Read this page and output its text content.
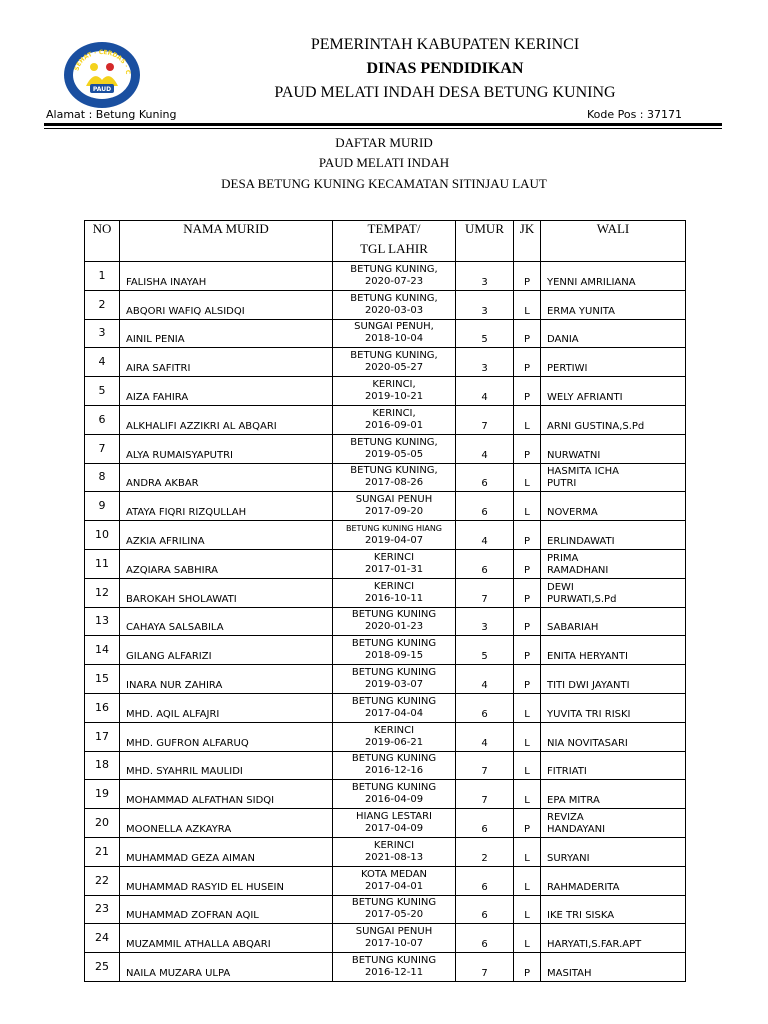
SEHAT · CERDAS · C
PAUD
PEMERINTAH KABUPATEN KERINCI
DINAS PENDIDIKAN
PAUD MELATI INDAH DESA BETUNG KUNING
Alamat : Betung Kuning	Kode Pos : 37171
DAFTAR MURID
PAUD MELATI INDAH
DESA BETUNG KUNING KECAMATAN SITINJAU LAUT
NO	NAMA MURID	TEMPAT/
TGL LAHIR	UMUR	JK	WALI
1	FALISHA INAYAH	BETUNG KUNING,
2020-07-23	3	P	YENNI AMRILIANA

2	ABQORI WAFIQ ALSIDQI	BETUNG KUNING,
2020-03-03	3	L	ERMA YUNITA

3	AINIL PENIA	SUNGAI PENUH,
2018-10-04	5	P	DANIA

4	AIRA SAFITRI	BETUNG KUNING,
2020-05-27	3	P	PERTIWI

5	AIZA FAHIRA	KERINCI,
2019-10-21	4	P	WELY AFRIANTI

6	ALKHALIFI AZZIKRI AL ABQARI	KERINCI,
2016-09-01	7	L	ARNI GUSTINA,S.Pd

7	ALYA RUMAISYAPUTRI	BETUNG KUNING,
2019-05-05	4	P	NURWATNI

8	ANDRA AKBAR	BETUNG KUNING,
2017-08-26	6	L	HASMITA ICHA
PUTRI

9	ATAYA FIQRI RIZQULLAH	SUNGAI PENUH
2017-09-20	6	L	NOVERMA

10	AZKIA AFRILINA	BETUNG KUNING HIANG
2019-04-07	4	P	ERLINDAWATI

11	AZQIARA SABHIRA	KERINCI
2017-01-31	6	P	PRIMA
RAMADHANI

12	BAROKAH SHOLAWATI	KERINCI
2016-10-11	7	P	DEWI
PURWATI,S.Pd

13	CAHAYA SALSABILA	BETUNG KUNING
2020-01-23	3	P	SABARIAH

14	GILANG ALFARIZI	BETUNG KUNING
2018-09-15	5	P	ENITA HERYANTI

15	INARA NUR ZAHIRA	BETUNG KUNING
2019-03-07	4	P	TITI DWI JAYANTI

16	MHD. AQIL ALFAJRI	BETUNG KUNING
2017-04-04	6	L	YUVITA TRI RISKI

17	MHD. GUFRON ALFARUQ	KERINCI
2019-06-21	4	L	NIA NOVITASARI

18	MHD. SYAHRIL MAULIDI	BETUNG KUNING
2016-12-16	7	L	FITRIATI

19	MOHAMMAD ALFATHAN SIDQI	BETUNG KUNING
2016-04-09	7	L	EPA MITRA

20	MOONELLA AZKAYRA	HIANG LESTARI
2017-04-09	6	P	REVIZA
HANDAYANI

21	MUHAMMAD GEZA AIMAN	KERINCI
2021-08-13	2	L	SURYANI

22	MUHAMMAD RASYID EL HUSEIN	KOTA MEDAN
2017-04-01	6	L	RAHMADERITA

23	MUHAMMAD ZOFRAN AQIL	BETUNG KUNING
2017-05-20	6	L	IKE TRI SISKA

24	MUZAMMIL ATHALLA ABQARI	SUNGAI PENUH
2017-10-07	6	L	HARYATI,S.FAR.APT

25	NAILA MUZARA ULPA	BETUNG KUNING
2016-12-11	7	P	MASITAH
